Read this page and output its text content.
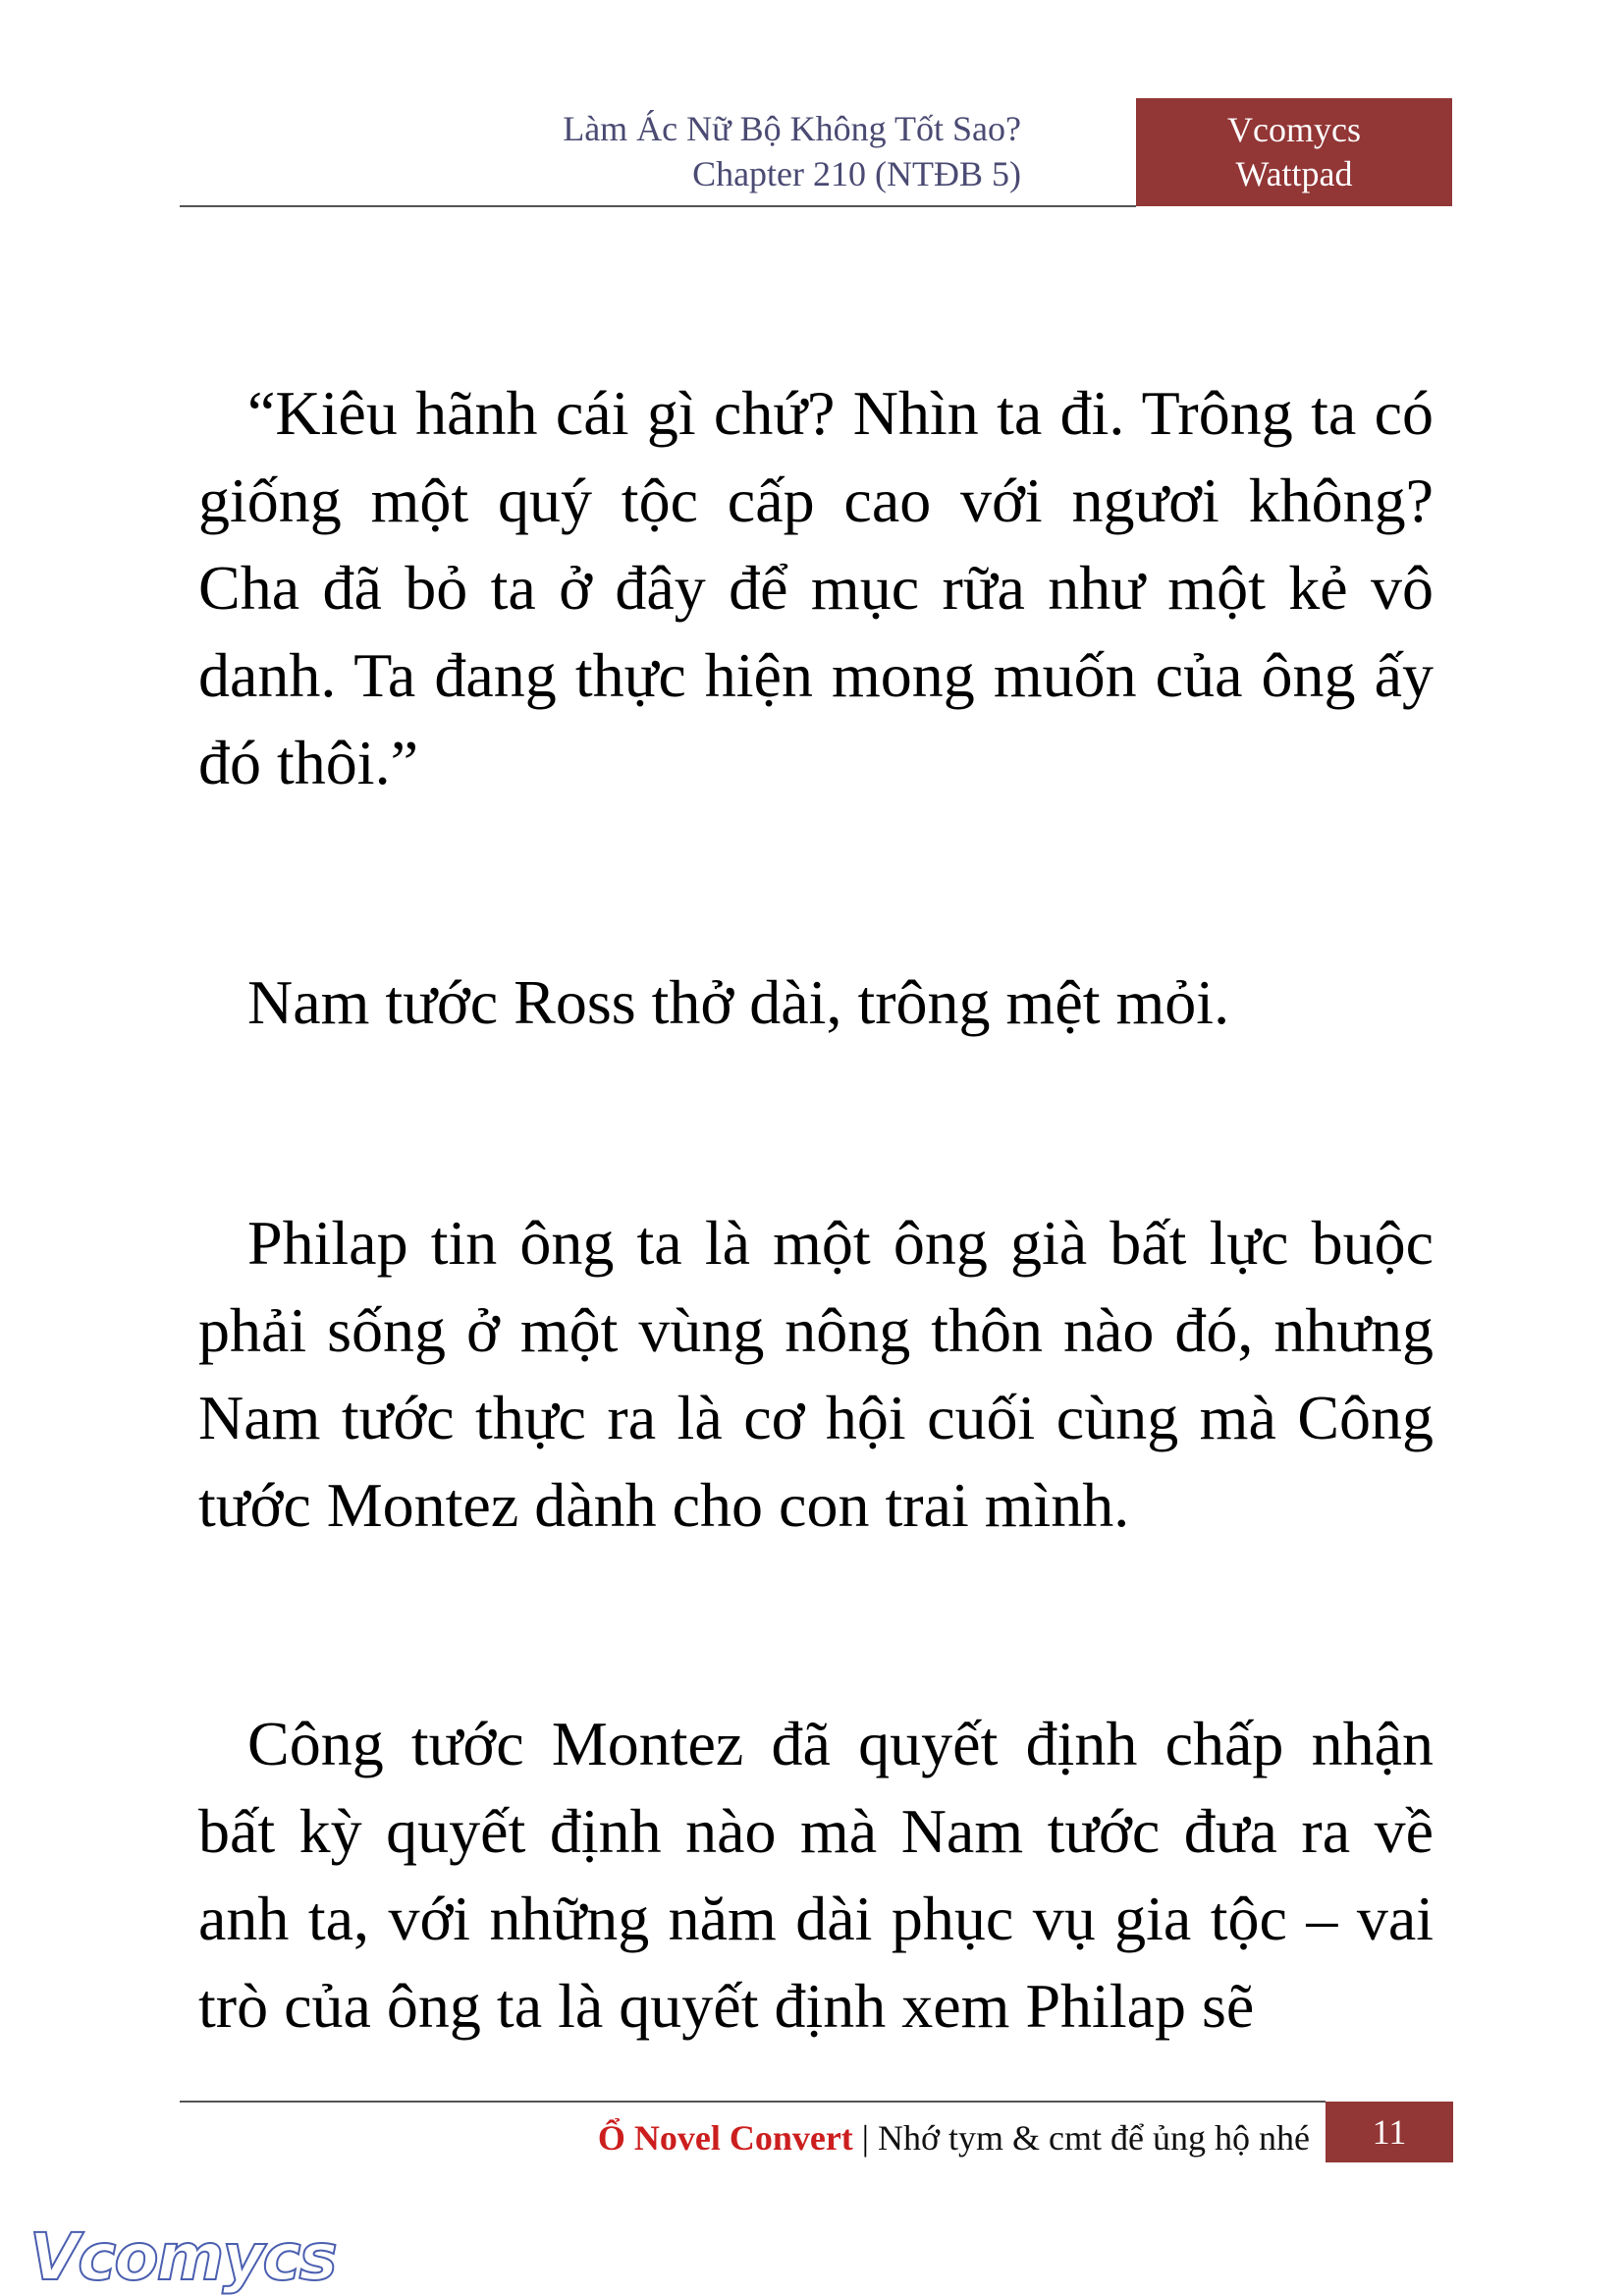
Làm Ác Nữ Bộ Không Tốt Sao?
Chapter 210 (NTĐB 5)
Vcomycs
Wattpad

“Kiêu hãnh cái gì chứ? Nhìn ta đi. Trông ta có giống một quý tộc cấp cao với ngươi không? Cha đã bỏ ta ở đây để mục rữa như một kẻ vô danh. Ta đang thực hiện mong muốn của ông ấy đó thôi.”

Nam tước Ross thở dài, trông mệt mỏi.

Philap tin ông ta là một ông già bất lực buộc phải sống ở một vùng nông thôn nào đó, nhưng Nam tước thực ra là cơ hội cuối cùng mà Công tước Montez dành cho con trai mình.

Công tước Montez đã quyết định chấp nhận bất kỳ quyết định nào mà Nam tước đưa ra về anh ta, với những năm dài phục vụ gia tộc – vai trò của ông ta là quyết định xem Philap sẽ

Ổ Novel Convert | Nhớ tym & cmt để ủng hộ nhé	11
Vcomycs
